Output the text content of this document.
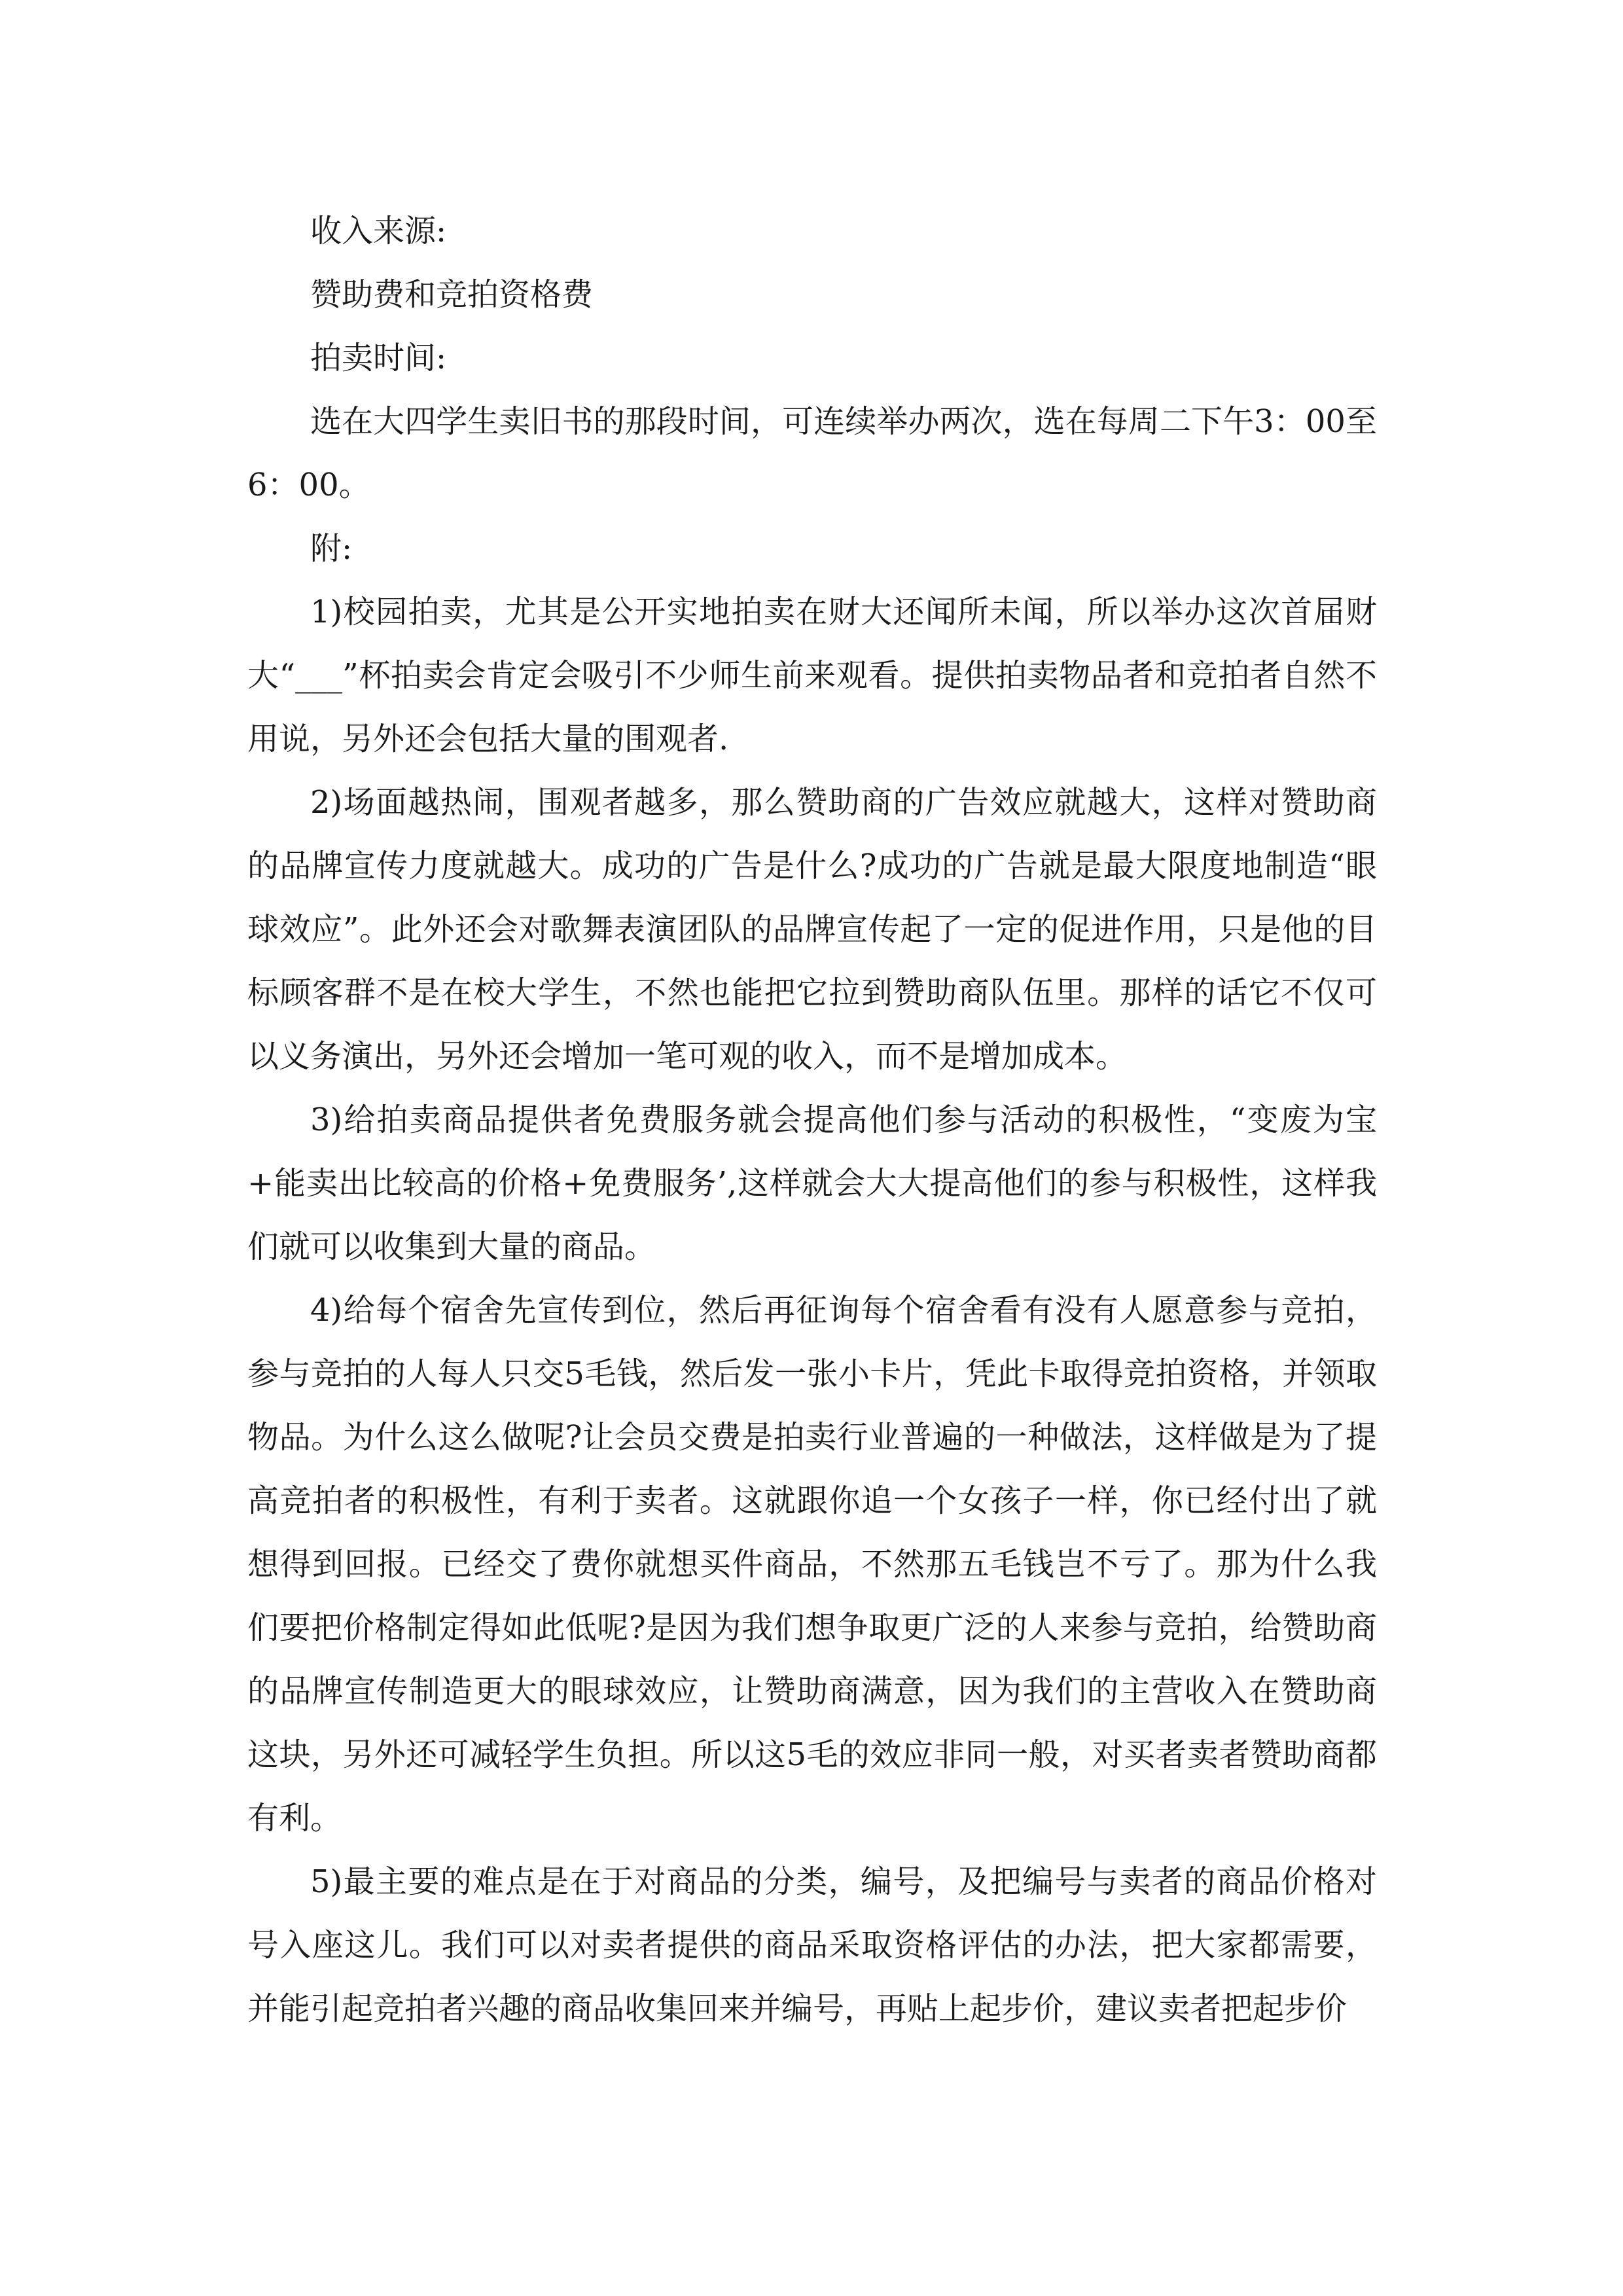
收入来源:

赞助费和竞拍资格费

拍卖时间:

选在大四学生卖旧书的那段时间，可连续举办两次，选在每周二下午3：00至6：00。

附:

1)校园拍卖，尤其是公开实地拍卖在财大还闻所未闻，所以举办这次首届财大“___”杯拍卖会肯定会吸引不少师生前来观看。提供拍卖物品者和竞拍者自然不用说，另外还会包括大量的围观者.

2)场面越热闹，围观者越多，那么赞助商的广告效应就越大，这样对赞助商的品牌宣传力度就越大。成功的广告是什么?成功的广告就是最大限度地制造“眼球效应”。此外还会对歌舞表演团队的品牌宣传起了一定的促进作用，只是他的目标顾客群不是在校大学生，不然也能把它拉到赞助商队伍里。那样的话它不仅可以义务演出，另外还会增加一笔可观的收入，而不是增加成本。

3)给拍卖商品提供者免费服务就会提高他们参与活动的积极性，“变废为宝+能卖出比较高的价格+免费服务’,这样就会大大提高他们的参与积极性，这样我们就可以收集到大量的商品。

4)给每个宿舍先宣传到位，然后再征询每个宿舍看有没有人愿意参与竞拍，参与竞拍的人每人只交5毛钱，然后发一张小卡片，凭此卡取得竞拍资格，并领取物品。为什么这么做呢?让会员交费是拍卖行业普遍的一种做法，这样做是为了提高竞拍者的积极性，有利于卖者。这就跟你追一个女孩子一样，你已经付出了就想得到回报。已经交了费你就想买件商品，不然那五毛钱岂不亏了。那为什么我们要把价格制定得如此低呢?是因为我们想争取更广泛的人来参与竞拍，给赞助商的品牌宣传制造更大的眼球效应，让赞助商满意，因为我们的主营收入在赞助商这块，另外还可减轻学生负担。所以这5毛的效应非同一般，对买者卖者赞助商都有利。

5)最主要的难点是在于对商品的分类，编号，及把编号与卖者的商品价格对号入座这儿。我们可以对卖者提供的商品采取资格评估的办法，把大家都需要，并能引起竞拍者兴趣的商品收集回来并编号，再贴上起步价，建议卖者把起步价
